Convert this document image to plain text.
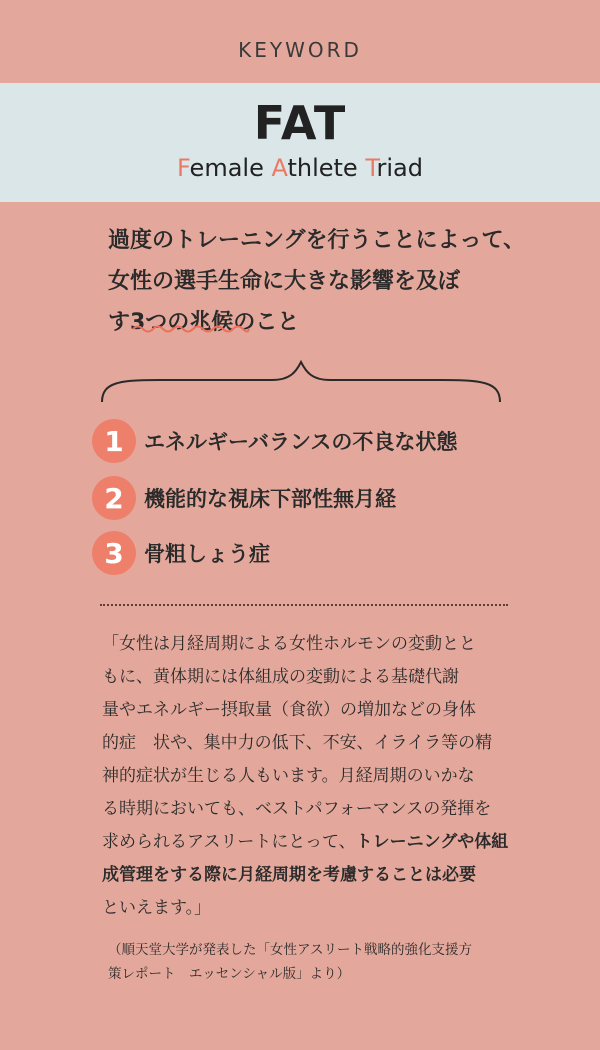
KEYWORD
FAT
Female Athlete Triad
過度のトレーニングを行うことによって、
女性の選手生命に大きな影響を及ぼ
す3つの兆候のこと
1 エネルギーバランスの不良な状態
2 機能的な視床下部性無月経
3 骨粗しょう症
「女性は月経周期による女性ホルモンの変動とと
もに、黄体期には体組成の変動による基礎代謝
量やエネルギー摂取量（食欲）の増加などの身体
的症　状や、集中力の低下、不安、イライラ等の精
神的症状が生じる人もいます。月経周期のいかな
る時期においても、ベストパフォーマンスの発揮を
求められるアスリートにとって、トレーニングや体組
成管理をする際に月経周期を考慮することは必要
といえます。」
（順天堂大学が発表した「女性アスリート戦略的強化支援方
策レポート　エッセンシャル版」より）
